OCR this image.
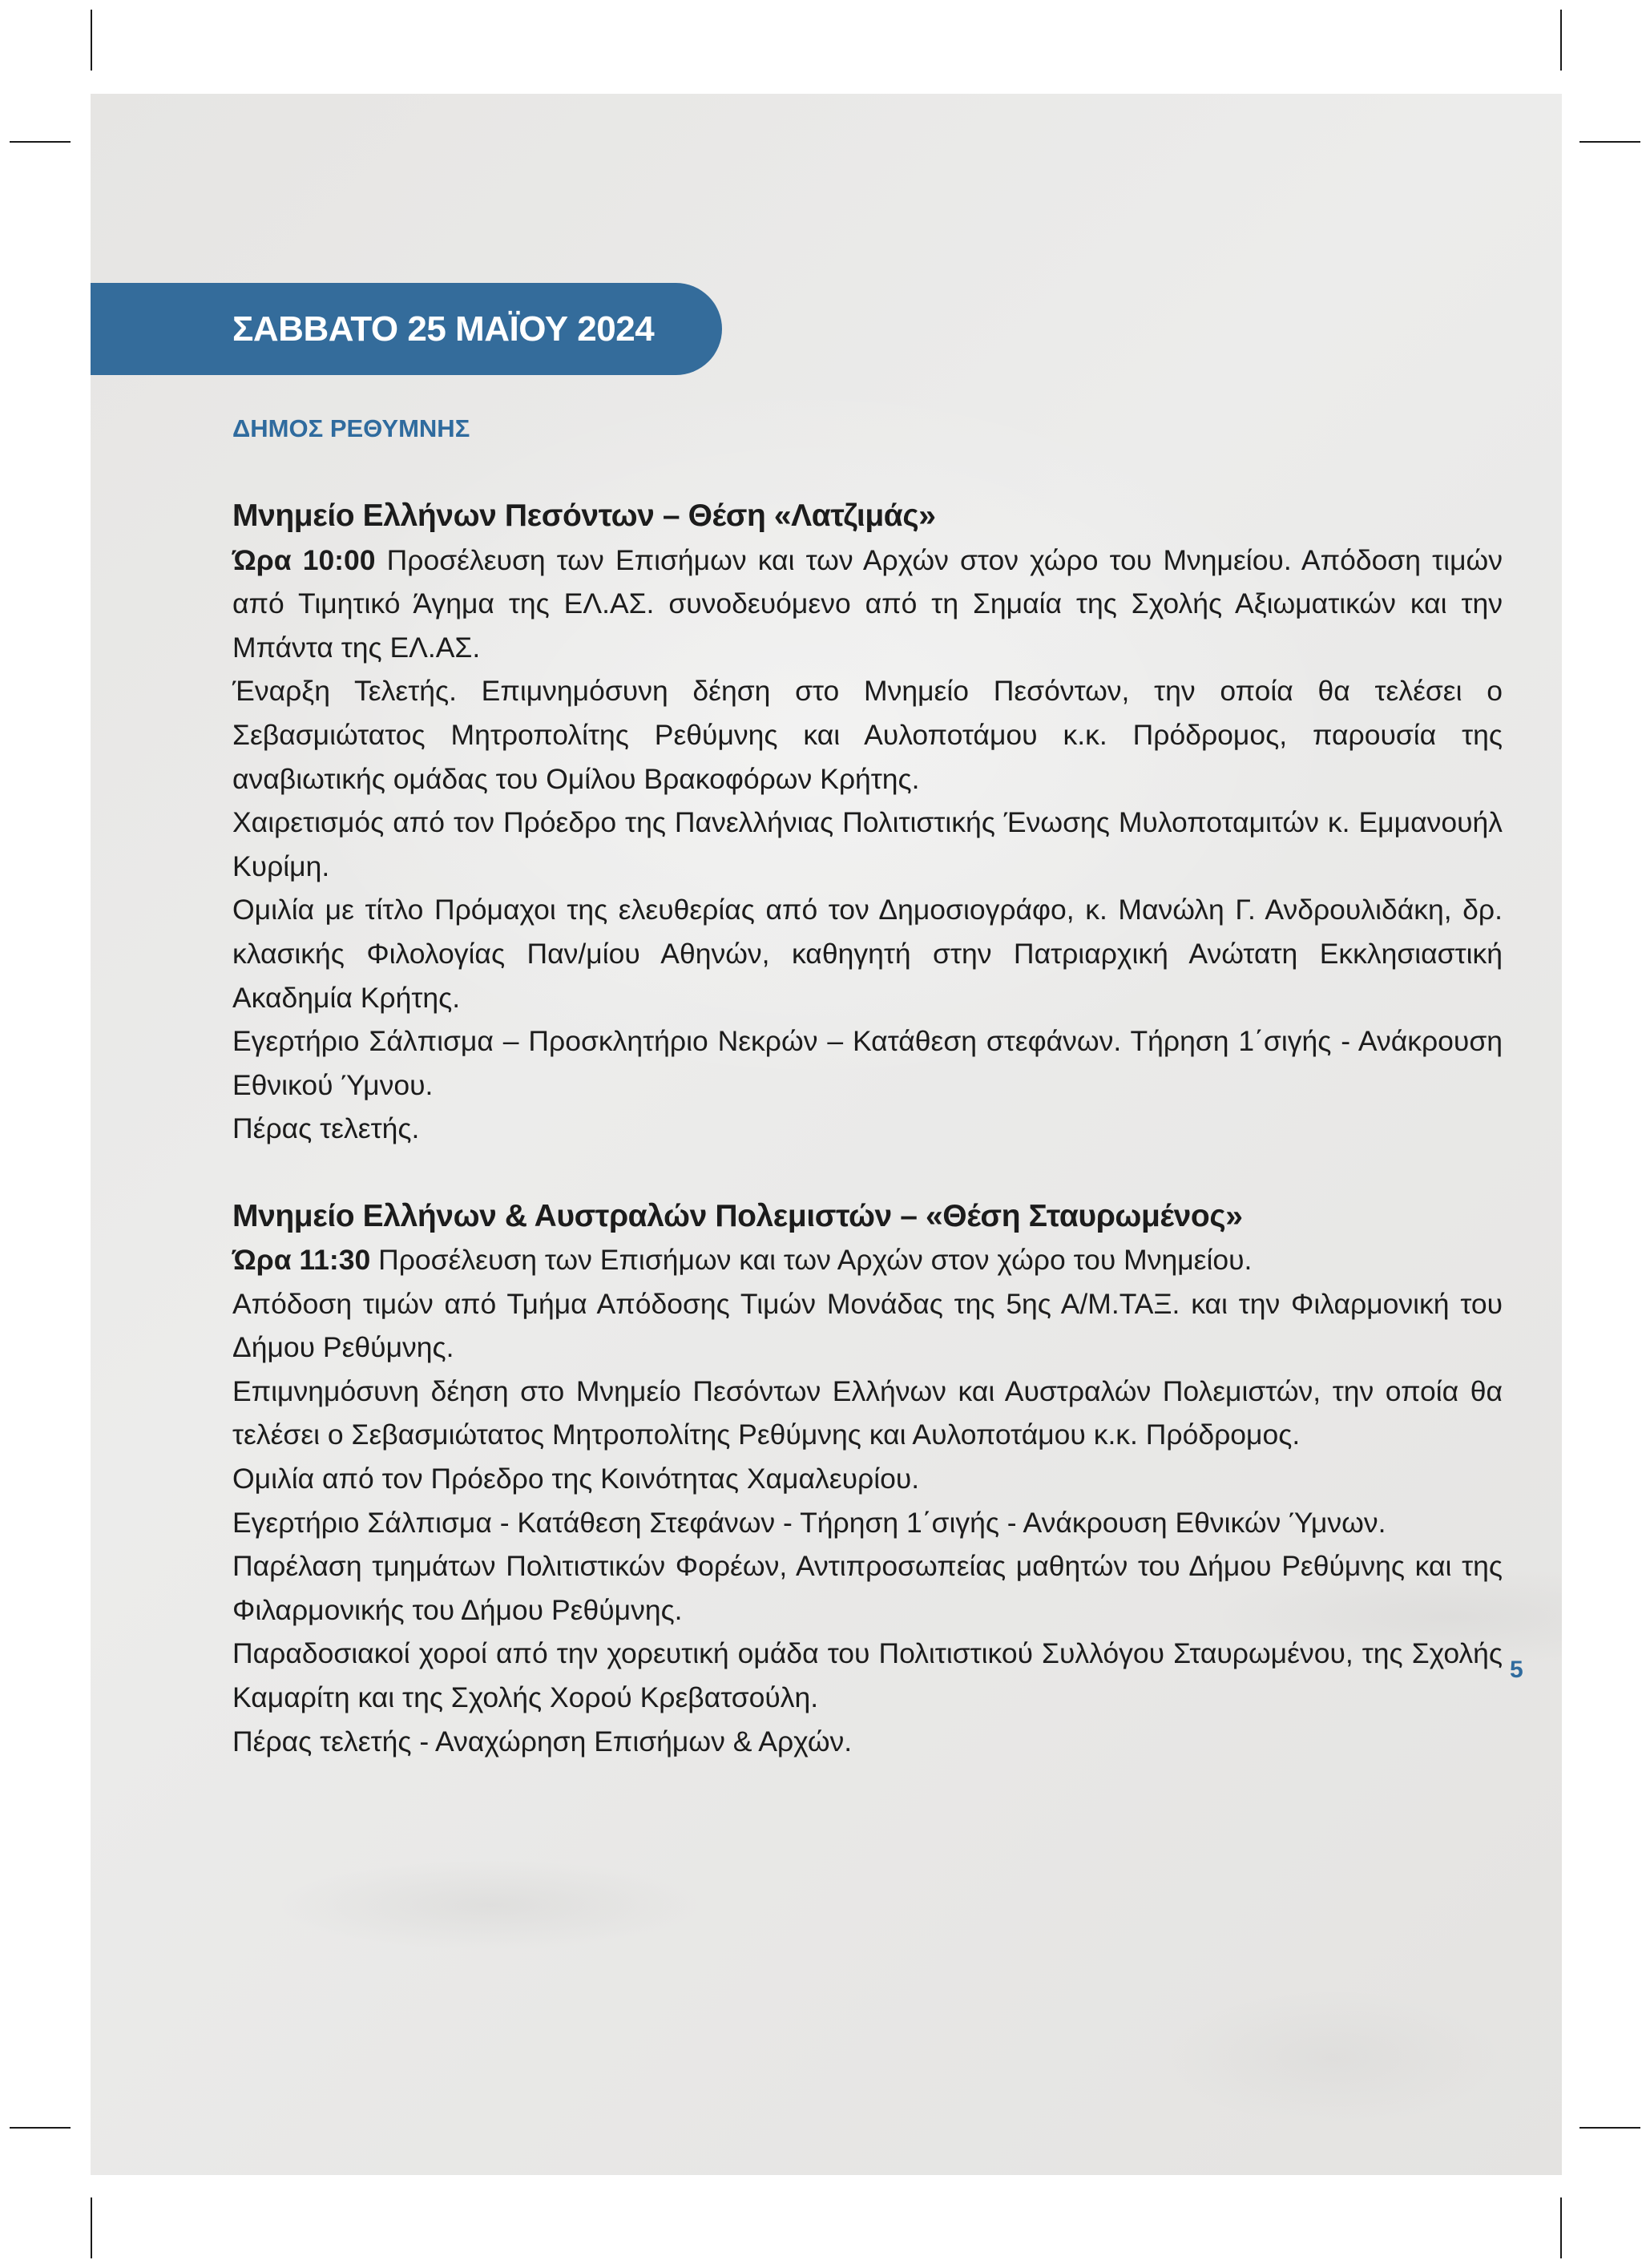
ΣΑΒΒΑΤΟ 25 ΜΑΪΟΥ 2024
ΔΗΜΟΣ ΡΕΘΥΜΝΗΣ

Μνημείο Ελλήνων Πεσόντων – Θέση «Λατζιμάς»

Ώρα 10:00 Προσέλευση των Επισήμων και των Αρχών στον χώρο του Μνημείου. Απόδοση τιμών από Τιμητικό Άγημα της ΕΛ.ΑΣ. συνοδευόμενο από τη Σημαία της Σχολής Αξιωματικών και την Μπάντα της ΕΛ.ΑΣ.

Έναρξη Τελετής. Επιμνημόσυνη δέηση στο Μνημείο Πεσόντων, την οποία θα τελέσει ο Σεβασμιώτατος Μητροπολίτης Ρεθύμνης και Αυλοποτάμου κ.κ. Πρόδρομος, παρουσία της αναβιωτικής ομάδας του Ομίλου Βρακοφόρων Κρήτης.

Χαιρετισμός από τον Πρόεδρο της Πανελλήνιας Πολιτιστικής Ένωσης Μυλοποταμιτών κ. Εμμανουήλ Κυρίμη.

Ομιλία με τίτλο Πρόμαχοι της ελευθερίας από τον Δημοσιογράφο, κ. Μανώλη Γ. Ανδρουλιδάκη, δρ. κλασικής Φιλολογίας Παν/μίου Αθηνών, καθηγητή στην Πατριαρχική Ανώτατη Εκκλησιαστική Ακαδημία Κρήτης.

Εγερτήριο Σάλπισμα – Προσκλητήριο Νεκρών – Κατάθεση στεφάνων. Τήρηση 1΄σιγής - Ανάκρουση Εθνικού Ύμνου.

Πέρας τελετής.

Μνημείο Ελλήνων & Αυστραλών Πολεμιστών – «Θέση Σταυρωμένος»

Ώρα 11:30 Προσέλευση των Επισήμων και των Αρχών στον χώρο του Μνημείου.

Απόδοση τιμών από Τμήμα Απόδοσης Τιμών Μονάδας της 5ης Α/Μ.ΤΑΞ. και την Φιλαρμονική του Δήμου Ρεθύμνης.

Επιμνημόσυνη δέηση στο Μνημείο Πεσόντων Ελλήνων και Αυστραλών Πολεμιστών, την οποία θα τελέσει ο Σεβασμιώτατος Μητροπολίτης Ρεθύμνης και Αυλοποτάμου κ.κ. Πρόδρομος.

Ομιλία από τον Πρόεδρο της Κοινότητας Χαμαλευρίου.

Εγερτήριο Σάλπισμα - Κατάθεση Στεφάνων - Τήρηση 1΄σιγής - Ανάκρουση Εθνικών Ύμνων.

Παρέλαση τμημάτων Πολιτιστικών Φορέων, Αντιπροσωπείας μαθητών του Δήμου Ρεθύμνης και της Φιλαρμονικής του Δήμου Ρεθύμνης.

Παραδοσιακοί χοροί από την χορευτική ομάδα του Πολιτιστικού Συλλόγου Σταυρωμένου, της Σχολής Καμαρίτη και της Σχολής Χορού Κρεβατσούλη.

Πέρας τελετής - Αναχώρηση Επισήμων & Αρχών.

5
